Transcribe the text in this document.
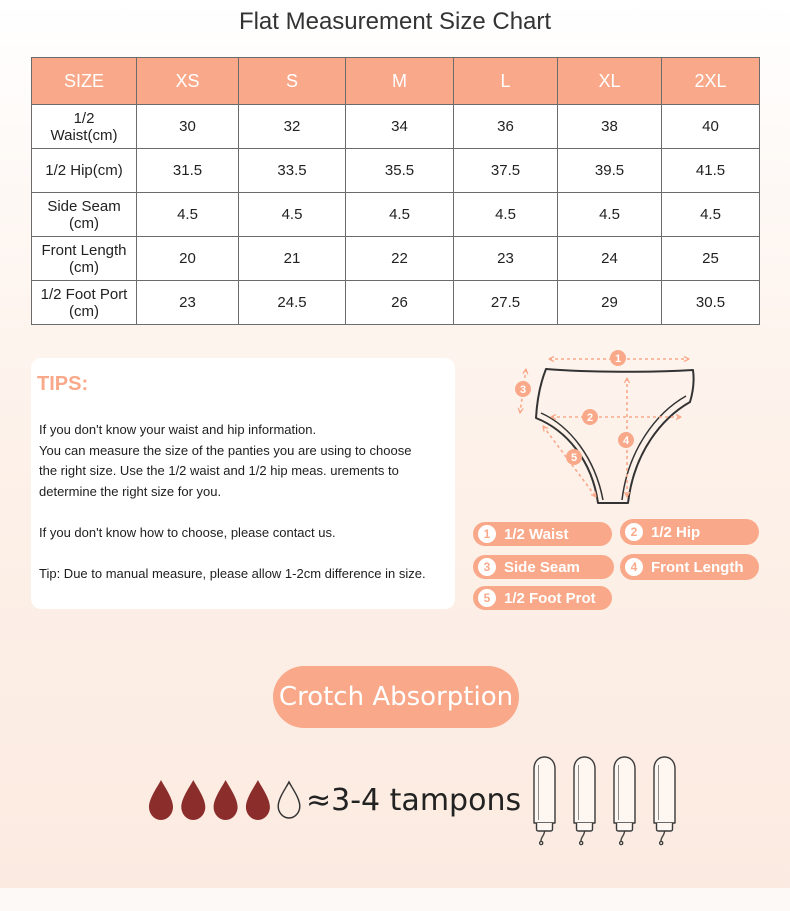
Flat Measurement Size Chart
SIZE	XS	S	M	L	XL	2XL
1/2
Waist(cm)	30	32	34	36	38	40
1/2 Hip(cm)	31.5	33.5	35.5	37.5	39.5	41.5
Side Seam
(cm)	4.5	4.5	4.5	4.5	4.5	4.5
Front Length
(cm)	20	21	22	23	24	25
1/2 Foot Port
(cm)	23	24.5	26	27.5	29	30.5
TIPS:
If you don't know your waist and hip information.
You can measure the size of the panties you are using to choose
the right size. Use the 1/2 waist and 1/2 hip meas. urements to
determine the right size for you.
If you don't know how to choose, please contact us.
Tip: Due to manual measure, please allow 1-2cm difference in size.
1
2
3
4
5
1 1/2 Waist	2 1/2 Hip
3 Side Seam	4 Front Length
5 1/2 Foot Prot
Crotch Absorption
≈3-4 tampons
